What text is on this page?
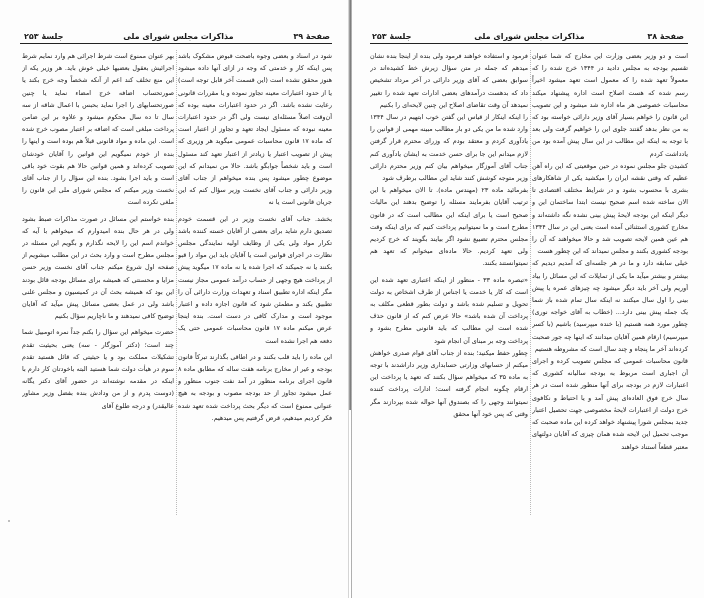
صفحهٔ ۳۹
مذاکرات مجلس شورای ملی
جلسهٔ ۲۵۳

شود در اسناد و بعضی وجوه باصحت قبوض مشکوک باشد پس اینکه کار و خدمتی که وجه در ازای آنها داده میشود هنوز محقق نشده است (این قسمت آخر قابل توجه است) یا از حدود اعتبارات معینه تجاوز نموده و یا مقررات قانونی رعایت نشده باشد. اگر در حدود اعتبارات معینه بوده که آن‌وقت اصلاً مسئله‌ای نیست ولی اگر در حدود اعتبارات معینه نبوده که مسئول ایجاد تعهد و تجاوز از اعتبار است که ماده ۱۷ قانون محاسبات عمومی میگوید هر وزیری که پیش از تصویب اعتبار یا زیادتر از اعتبار تعهد کند مسئول است و باید شخصاً جوابگو باشد. حالا من نمیدانم که این موضوع چطور میشود پس بنده میخواهم از جناب آقای وزیر دارائی و جناب آقای نخست وزیر سؤال کنم که این جریان قانونی است یا نه

بخشد. جناب آقای نخست وزیر در این قسمت خودم تصدیق دارم شاید برای بعضی از آقایان خسته کننده باشد تکرار مواد ولی یکی از وظایف اولیه نمایندگی مجلس نظارت در اجرای قوانین است یا آقایان باید این مواد را قبو بکنند یا نه جمیکند که اجرا شده یا نه ماده ۱۷ میگوید پیش از پرداخت هیچ وجهی از حساب درآمد عمومی مجاز نیست مگر اینکه اداره تطبیق اسناد و تعهدات وزارت دارائی آن را تطبیق بکند و مطمئن شود که قانون اجازه داده و اعتبار موجود است و مدارک کافی در دست است. بنده اینجا عرض میکنم ماده ۱۷ قانون محاسبات عمومی حتی یک دفعه هم اجرا نشده است

این ماده را باید قلب بکنند و در اطاقی بگذارند تبرکاً قانون بودجه و غیر از مخارج برنامه هفت ساله که مطابق ماده ۸ قانون اجرای برنامه منظور در آمد نفت جنوب منظور و عمل میشود تجاوز از حد بودجه مصوب و بودجه به هیچ عنوانی ممنوع است که دیگر بحث پرداخت شده تعهد شده فکر کردیم میدهیم، قرض گرفتیم پس میدهیم.

بهر عنوان ممنوع است شرط اجرائی هم وارد نمایم شرط اجرائیش بعقول بعضیها خیلی خوش باید. هر وزیر یکه از این منع تخلف کند اعم از آنکه شخصاً وجه خرج بکند یا صورتحساب اضافه خرج امضاء نماید یا چنین صورتحسابهای را اجرا نماید بحبس با اعمال شاقه از سه سال تا ده سال محکوم میشود و علاوه بر این ضامن پرداخت مبلغی است که اضافه بر اعتبار مصوب خرج شده است. این ماده و مواد قانونی قبلاً هم بوده است و اینها را بنده از خودم نمیگویم این قوانین را آقایان خودشان تصویب کرده‌اند و همین قوانین حالا هم بقوت خود باقی است و باید اجرا بشود. بنده این سؤال را از جناب آقای نخست وزیر میکنم که مجلس شورای ملی این قانون را ملغی نکرده است

بنده خواستم این مسائل در صورت مذاکرات صبط بشود ولی در هر حال بنده امیدوارم که میخواهم با آیه که خواندم اسم این را لایحه نگذارم و بگویم این مسئله در مجلس مطرح است و وارد بحث در این مطلب میشویم از صفحه اول شروع میکنم جناب آقای نخست وزیر حسن مزایا و محسنتی که همیشه برای مسائل بودجه قائل بودند این بود که همیشه بحث آن در کمیسیون و مجلس علنی باشد ولی در عمل بعضی مسائل پیش میآید که آقایان توضیح کافی نمیدهند و ما ناچاریم سؤال بکنیم

حضرت میخواهم این سؤال را بکنم جداً نمره اتومبیل شما چند است؛ (دکتر آموزگار - سه) یعنی بحیثیت تقدم تشکیلات مملکت بود و یا حیثیتی که قائل هستید تقدم سوم در هیأت دولت شما هستید البته باخودتان کار دارم با اینکه در مقدمه نوشته‌اند در حضور آقای دکتر یگانه (دوست پدرم و از من ودادش بنده بفضل وزیر مشاور عالیقدر) و درجه طلوع آقای

صفحهٔ ۳۸
مذاکرات مجلس شورای ملی
جلسهٔ ۲۵۳

است و دو وزیر بعضی وزارت این مخارج که شما عنوان تقسیم بودجه به مجلس دادید در ۱۳۴۴ خرج شده را که معمولاً تعهد شده را که معمول است تعهد میشود اخیراً رسم شده که هست اصلاح است اداره پیشنهاد میکند محاسبات خصوصی هر ماه اداره شد میشود و این تصویب این قانون را خواهم بسیار آقای وزیر دارائی خواسته بود که به من نظر بدهد گفتند جلوی این را خواهیم گرفت ولی بعد با توجه به اینکه این مطالب در این سال پیش آمده بود من یادداشت کردم

کشیدن جلو مجلس نموده در حین موقعیتی که این راه آهن عظیم که وقتی نقشه ایران را میکشید یکی از شاهکارهای بشری با محسوب بشود و در شرایط مختلف اقتصادی تا الان ساخته شده اسم صحیح نیست ابتدا ساختمان این و دیگر اینکه این بودجه لایحهٔ پیش بینی نشده نگه داشته‌اند و مخارج کشوری استثنائی آمده است یعنی این در سال ۱۳۴۴ هم عین همین لایحه تصویب شد و حالا میخواهند که آن را بودجه کشوری بکنند و مجلس نمیداند که این چطور هست

خیلی سابقه دارد و ما در هر جلسه‌ای که آمدیم دیدیم که بیشتر و بیشتر میآید ما یکی از تمایلات که این مسائل را بیاد آوریم ولی آخر باید دیگر میشود چه چیزهای عمره یا پیش بینی را اول سال میکنند نه اینکه سال تمام شده باز شما یک جمله پیش بینی دارد... (خطاب به آقای خواجه نوری) چطور مورد همه هستیم (با خنده میپرسید) باشیم (با کسر میپرسیم) ارقام همین آقایان میدانند که اینها چه جور صحبت کرده‌اند آخر ما پنجاه و چند سال است که مشروطه هستیم

قانون محاسبات عمومی که مجلس تصویب کرده و اجرای آن اجباری است مربوط به بودجه سالیانه کشوری که اعتبارات لازم در بودجه برای آنها منظور شده است در هر سال خرج فوق العاده‌ای پیش آمد و یا احتیاط و نکافوی خرج دولت از اعتبارات لایحهٔ مخصوصی جهت تحصیل اعتبار جدید بمجلس شورا پیشنهاد خواهد کرده این ماده صحبت که موجب تحمیل این لایحه شده همان چیزی که آقایان دولتهای معتبر قطعاً استناد خواهند

فرمود و استفاده خواهند فرمود ولی بنده از اینجا بنده نشان میدهم که جمله در متن سؤال زیرش خط کشیده‌اند در سوابق بعضی که آقای وزیر دارائی در آخر مرداد تشخیص داد که بدهست درآمدهای بعضی ادارات تعهد شده را تغییر نمیدهد آن وقت تقاضای اصلاح این چنین لایحه‌ای را بکنیم

را اینکه اینکار از قیاس این گفتن خوب ابتهیم در سال ۱۳۴۴ وارد شده ما من یکی دو بار مطالب مبینه مهمی از قوانین را یادآوری کردم و معتقد بودم که وزرای محترم قرار گرفتن لازم میدانم این جا برای حسن خدمت به ایشان یادآوری کنم جناب آقای آموزگار میخواهم بیان کنم وزیر محترم دارائی وزیر متوجه کوشش کنند شاید این مطالب برطرف شود

بفرمائید ماده ۲۳ (مهندس ماده). تا الان میخواهم با این ترتیب آقایان بفرمایند مسئله را توضیح بدهند این مالیات صحیح است یا برای اینکه این مطالب است که در قانون مطرح است و ما نمیتوانیم پرداخت کنیم که برای اینکه وقت مجلس محترم تضییع نشود اگر بیایند بگویند که خرج کردیم ولی تعهد کردیم. حالا ماده‌ای میخوانم که تعهد هم نمیتوانستند بکنند.

«تبصره ماده ۳۳ - منظور از اینکه اعتباری تعهد شده این است که کار یا خدمت یا اجناس از طرف اشخاص به دولت تحویل و تسلیم شده باشد و دولت بطور قطعی مکلف به پرداخت آن شده باشد» حالا عرض کنم که از قانون حذف شده است این مطالب که باید قانونی مطرح بشود و پرداخت وجه بر مبنای آن انجام شود

چطور حفظ میکنید؛ بنده از جناب آقای قوام صدری خواهش میکنم از حسابهای وزارتی حسابداری وزیر داراشدند با توجه به ماده ۳۵ که میخواهم سؤال بکنند که تعهد یا پرداخت این ارقام چگونه انجام گرفته است؛ ادارات پرداخت کننده نمیتوانند وجهی را که بصندوق آنها حواله شده بپردازند مگر وقتی که پس خود آنها محقق
